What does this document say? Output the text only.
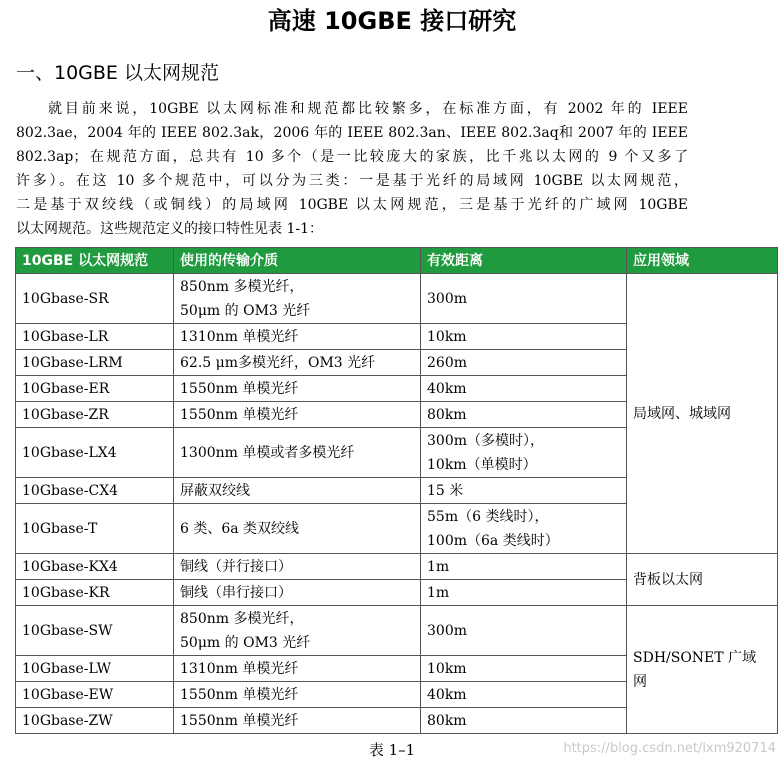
高速 10GBE 接口研究
一、10GBE 以太网规范
就目前来说，10GBE 以太网标准和规范都比较繁多，在标准方面，有 2002 年的 IEEE
802.3ae，2004 年的 IEEE 802.3ak，2006 年的 IEEE 802.3an、IEEE 802.3aq和 2007 年的 IEEE
802.3ap；在规范方面，总共有 10 多个（是一比较庞大的家族，比千兆以太网的 9 个又多了
许多）。在这 10 多个规范中，可以分为三类：一是基于光纤的局域网 10GBE 以太网规范，
二是基于双绞线（或铜线）的局域网 10GBE 以太网规范，三是基于光纤的广域网 10GBE
以太网规范。这些规范定义的接口特性见表 1-1：
10GBE 以太网规范	使用的传输介质	有效距离	应用领域
10Gbase-SR	850nm 多模光纤，
50μm 的 OM3 光纤	300m	局域网、城域网

10Gbase-LR	1310nm 单模光纤	10km	

10Gbase-LRM	62.5 μm多模光纤，OM3 光纤	260m	

10Gbase-ER	1550nm 单模光纤	40km	

10Gbase-ZR	1550nm 单模光纤	80km	

10Gbase-LX4	1300nm 单模或者多模光纤	300m（多模时），
10km（单模时）	

10Gbase-CX4	屏蔽双绞线	15 米	

10Gbase-T	6 类、6a 类双绞线	55m（6 类线时），
100m（6a 类线时）	

10Gbase-KX4	铜线（并行接口）	1m	背板以太网

10Gbase-KR	铜线（串行接口）	1m	

10Gbase-SW	850nm 多模光纤，
50μm 的 OM3 光纤	300m	SDH/SONET 广域
网

10Gbase-LW	1310nm 单模光纤	10km	

10Gbase-EW	1550nm 单模光纤	40km	

10Gbase-ZW	1550nm 单模光纤	80km	
表 1–1	https://blog.csdn.net/lxm920714
